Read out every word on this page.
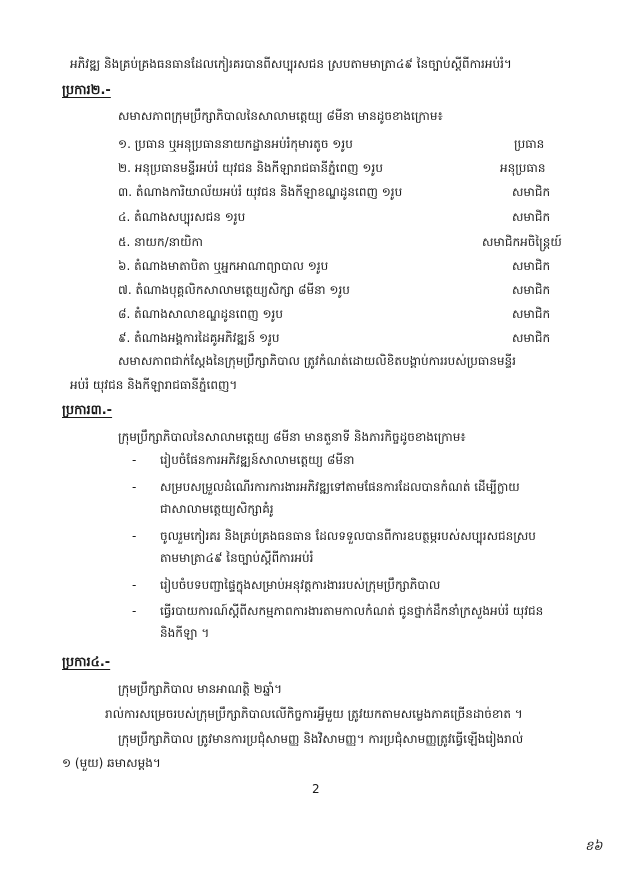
អភិវឌ្ឍ និងគ្រប់គ្រងធនធានដែលកៀរគរបានពីសប្បុរសជន ស្របតាមមាត្រា៤៩ នៃច្បាប់ស្ដីពីការអប់រំ។
ប្រការ២.-
សមាសភាពក្រុមប្រឹក្សាភិបាលនៃសាលាមត្តេយ្យ ៨មីនា មានដូចខាងក្រោម៖
១. ប្រធាន ឬអនុប្រធាននាយកដ្ឋានអប់រំកុមារតូច ១រូប	ប្រធាន
២. អនុប្រធានមន្ទីរអប់រំ យុវជន និងកីឡារាជធានីភ្នំពេញ ១រូប	អនុប្រធាន
៣. តំណាងការិយាល័យអប់រំ យុវជន និងកីឡាខណ្ឌដូនពេញ ១រូប	សមាជិក
៤. តំណាងសប្បុរសជន ១រូប	សមាជិក
៥. នាយក/នាយិកា	សមាជិកអចិន្ត្រៃយ៍
៦. តំណាងមាតាបិតា ឬអ្នកអាណាព្យាបាល ១រូប	សមាជិក
៧. តំណាងបុគ្គលិកសាលាមត្តេយ្យសិក្សា ៨មីនា ១រូប	សមាជិក
៨. តំណាងសាលាខណ្ឌដូនពេញ ១រូប	សមាជិក
៩. តំណាងអង្គការដៃគូអភិវឌ្ឍន៍ ១រូប	សមាជិក
សមាសភាពជាក់ស្ដែងនៃក្រុមប្រឹក្សាភិបាល ត្រូវកំណត់ដោយលិខិតបង្គាប់ការរបស់ប្រធានមន្ទីរ
អប់រំ យុវជន និងកីឡារាជធានីភ្នំពេញ។
ប្រការ៣.-
ក្រុមប្រឹក្សាភិបាលនៃសាលាមត្តេយ្យ ៨មីនា មានតួនាទី និងភារកិច្ចដូចខាងក្រោម៖
- រៀបចំផែនការអភិវឌ្ឍន៍សាលាមត្តេយ្យ ៨មីនា
- សម្របសម្រួលដំណើរការការងារអភិវឌ្ឍទៅតាមផែនការដែលបានកំណត់ ដើម្បីក្លាយ
ជាសាលាមត្តេយ្យសិក្សាគំរូ
- ចូលរួមកៀរគរ និងគ្រប់គ្រងធនធាន ដែលទទួលបានពីការឧបត្ថម្ភរបស់សប្បុរសជនស្រប
តាមមាត្រា៤៩ នៃច្បាប់ស្ដីពីការអប់រំ
- រៀបចំបទបញ្ជាផ្ទៃក្នុងសម្រាប់អនុវត្តការងាររបស់ក្រុមប្រឹក្សាភិបាល
- ធ្វើរបាយការណ៍ស្ដីពីសកម្មភាពការងារតាមកាលកំណត់ ជូនថ្នាក់ដឹកនាំក្រសួងអប់រំ យុវជន
និងកីឡា ។
ប្រការ៤.-
ក្រុមប្រឹក្សាភិបាល មានអាណត្តិ ២ឆ្នាំ។
រាល់ការសម្រេចរបស់ក្រុមប្រឹក្សាភិបាលលើកិច្ចការអ្វីមួយ ត្រូវយកតាមសម្លេងភាគច្រើនដាច់ខាត ។
ក្រុមប្រឹក្សាភិបាល ត្រូវមានការប្រជុំសាមញ្ញ និងវិសាមញ្ញ។ ការប្រជុំសាមញ្ញត្រូវធ្វើឡើងរៀងរាល់
១ (មួយ) ឆមាសម្ដង។
2
ខ៦
